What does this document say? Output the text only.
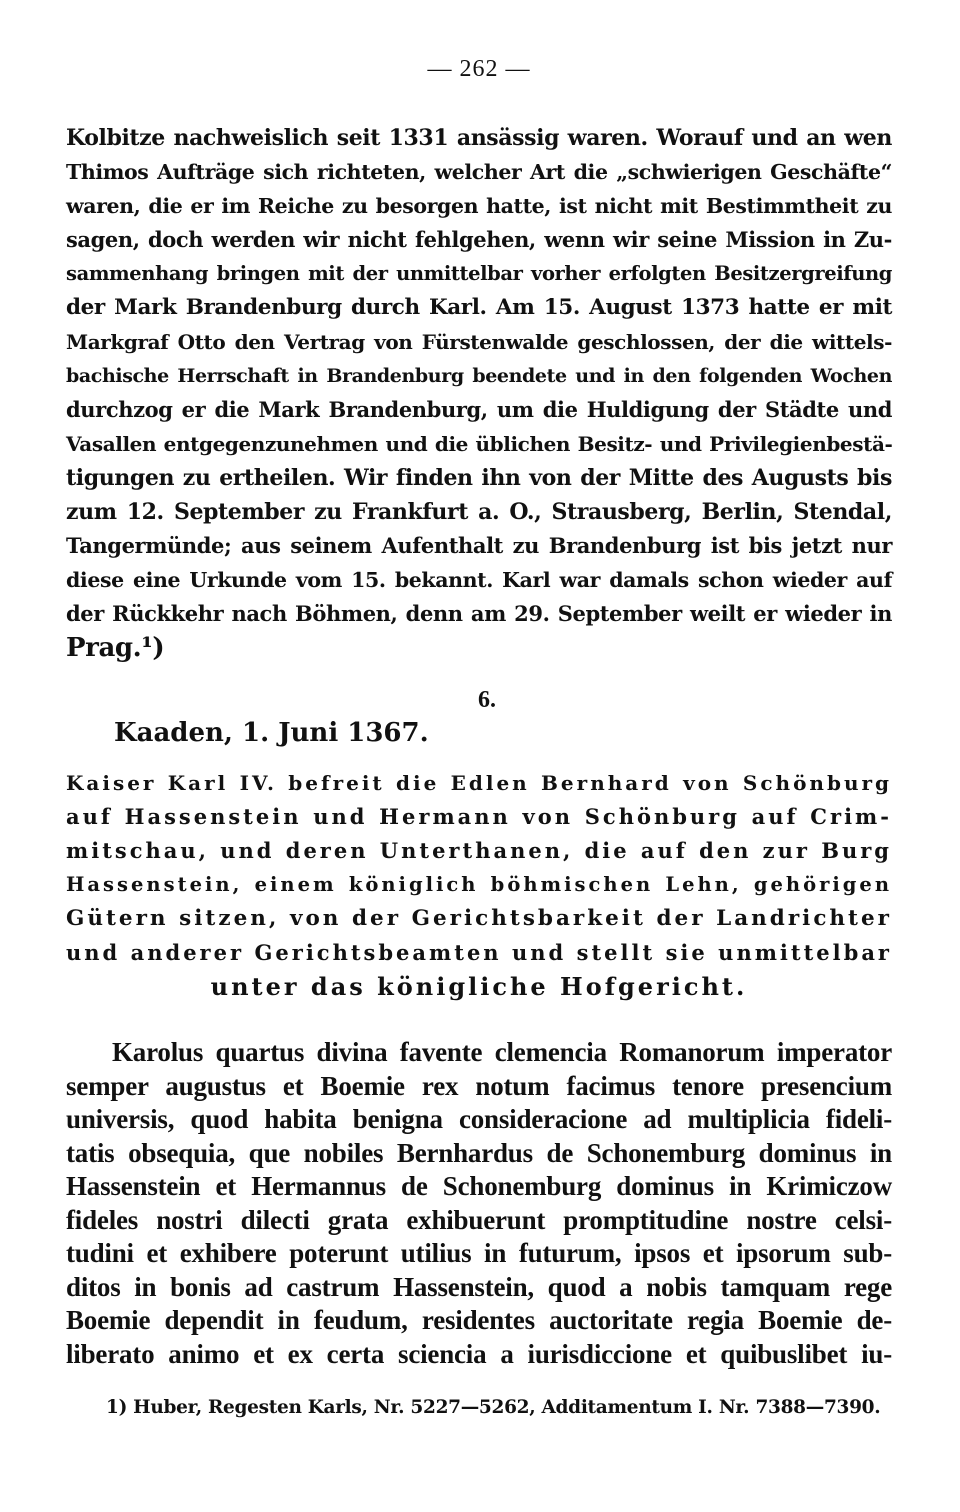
— 262 —
Kolbitze nachweislich seit 1331 ansässig waren. Worauf und an wen
Thimos Aufträge sich richteten, welcher Art die „schwierigen Geschäfte“
waren, die er im Reiche zu besorgen hatte, ist nicht mit Bestimmtheit zu
sagen, doch werden wir nicht fehlgehen, wenn wir seine Mission in Zu-
sammenhang bringen mit der unmittelbar vorher erfolgten Besitzergreifung
der Mark Brandenburg durch Karl. Am 15. August 1373 hatte er mit
Markgraf Otto den Vertrag von Fürstenwalde geschlossen, der die wittels-
bachische Herrschaft in Brandenburg beendete und in den folgenden Wochen
durchzog er die Mark Brandenburg, um die Huldigung der Städte und
Vasallen entgegenzunehmen und die üblichen Besitz- und Privilegienbestä-
tigungen zu ertheilen. Wir finden ihn von der Mitte des Augusts bis
zum 12. September zu Frankfurt a. O., Strausberg, Berlin, Stendal,
Tangermünde; aus seinem Aufenthalt zu Brandenburg ist bis jetzt nur
diese eine Urkunde vom 15. bekannt. Karl war damals schon wieder auf
der Rückkehr nach Böhmen, denn am 29. September weilt er wieder in
Prag.¹)
6.
Kaaden, 1. Juni 1367.
Kaiser Karl IV. befreit die Edlen Bernhard von Schönburg
auf Hassenstein und Hermann von Schönburg auf Crim-
mitschau, und deren Unterthanen, die auf den zur Burg
Hassenstein, einem königlich böhmischen Lehn, gehörigen
Gütern sitzen, von der Gerichtsbarkeit der Landrichter
und anderer Gerichtsbeamten und stellt sie unmittelbar
unter das königliche Hofgericht.
Karolus quartus divina favente clemencia Romanorum imperator
semper augustus et Boemie rex notum facimus tenore presencium
universis, quod habita benigna consideracione ad multiplicia fideli-
tatis obsequia, que nobiles Bernhardus de Schonemburg dominus in
Hassenstein et Hermannus de Schonemburg dominus in Krimiczow
fideles nostri dilecti grata exhibuerunt promptitudine nostre celsi-
tudini et exhibere poterunt utilius in futurum, ipsos et ipsorum sub-
ditos in bonis ad castrum Hassenstein, quod a nobis tamquam rege
Boemie dependit in feudum, residentes auctoritate regia Boemie de-
liberato animo et ex certa sciencia a iurisdiccione et quibuslibet iu-
1) Huber, Regesten Karls, Nr. 5227—5262, Additamentum I. Nr. 7388—7390.
